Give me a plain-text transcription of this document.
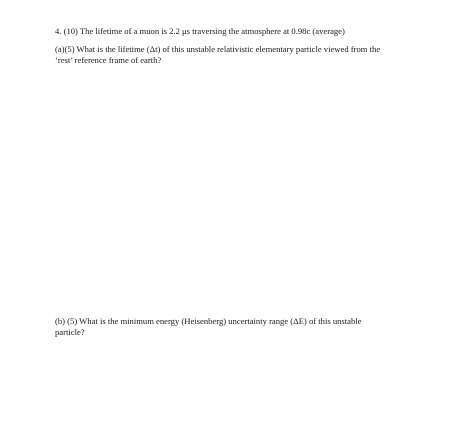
4. (10) The lifetime of a muon is 2.2 μs traversing the atmosphere at 0.98c (average)
(a)(5) What is the lifetime (Δt) of this unstable relativistic elementary particle viewed from the
‘rest’ reference frame of earth?
(b) (5) What is the minimum energy (Heisenberg) uncertainty range (ΔE) of this unstable
particle?
